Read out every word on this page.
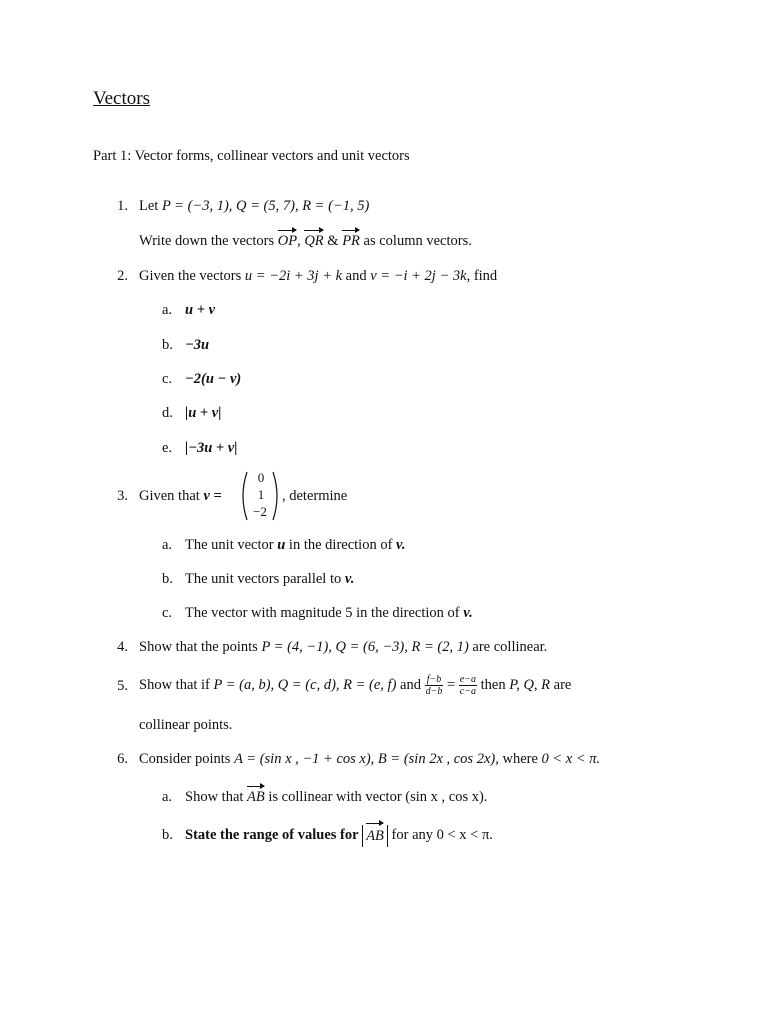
Vectors
Part 1: Vector forms, collinear vectors and unit vectors
1. Let P = (−3, 1), Q = (5, 7), R = (−1, 5)
Write down the vectors OP, QR & PR as column vectors.
2. Given the vectors u = −2i + 3j + k and v = −i + 2j − 3k, find
a. u + v
b. −3u
c. −2(u − v)
d. |u + v|
e. |−3u + v|
3. Given that v =
0
1
−2
, determine
a. The unit vector u in the direction of v.
b. The unit vectors parallel to v.
c. The vector with magnitude 5 in the direction of v.
4. Show that the points P = (4, −1), Q = (6, −3), R = (2, 1) are collinear.
5. Show that if P = (a, b), Q = (c, d), R = (e, f) and $\frac{f-b}{d-b} = \frac{e-a}{c-a}$ then P, Q, R are
collinear points.
6. Consider points A = (sin x , −1 + cos x), B = (sin 2x , cos 2x), where 0 < x < π.
a. Show that AB is collinear with vector (sin x , cos x).
b. State the range of values for AB for any 0 < x < π.
